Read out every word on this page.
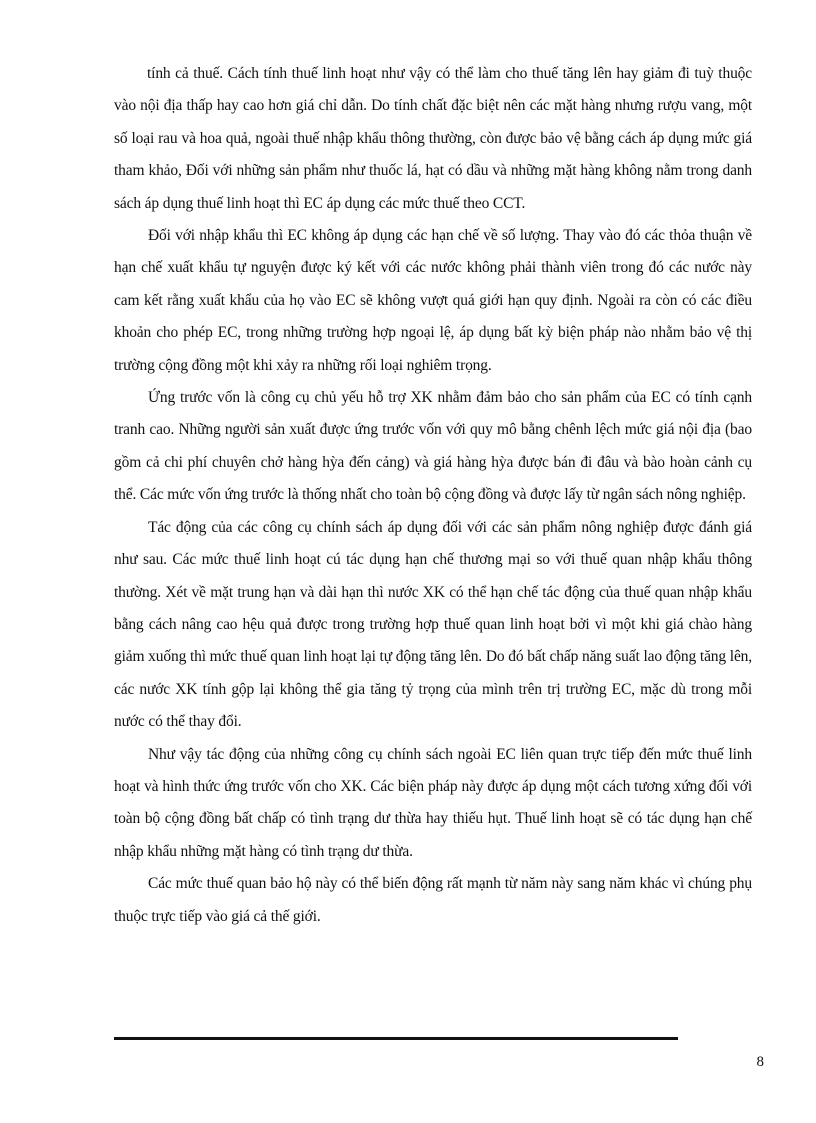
tính cả thuế. Cách tính thuế linh hoạt như vậy có thể làm cho thuế tăng lên hay giảm đi tuỳ thuộc vào nội địa thấp hay cao hơn giá chỉ dẫn. Do tính chất đặc biệt nên các mặt hàng nhưng rượu vang, một số loại rau và hoa quả, ngoài thuế nhập khẩu thông thường, còn được bảo vệ bằng cách áp dụng mức giá tham khảo, Đối với những sản phẩm như thuốc lá, hạt có dầu và những mặt hàng không nằm trong danh sách áp dụng thuế linh hoạt thì EC áp dụng các mức thuế theo CCT.

Đối với nhập khẩu thì EC không áp dụng các hạn chế về số lượng. Thay vào đó các thỏa thuận về hạn chế xuất khẩu tự nguyện được ký kết với các nước không phải thành viên trong đó các nước này cam kết rằng xuất khẩu của họ vào EC sẽ không vượt quá giới hạn quy định. Ngoài ra còn có các điều khoản cho phép EC, trong những trường hợp ngoại lệ, áp dụng bất kỳ biện pháp nào nhằm bảo vệ thị trường cộng đồng một khi xảy ra những rối loại nghiêm trọng.

Ứng trước vốn là công cụ chủ yếu hỗ trợ XK nhằm đảm bảo cho sản phẩm của EC có tính cạnh tranh cao. Những người sản xuất được ứng trước vốn với quy mô bằng chênh lệch mức giá nội địa (bao gồm cả chi phí chuyên chở hàng hỳa đến cảng) và giá hàng hỳa được bán đi đâu và bào hoàn cảnh cụ thể. Các mức vốn ứng trước là thống nhất cho toàn bộ cộng đồng và được lấy từ ngân sách nông nghiệp.

Tác động của các công cụ chính sách áp dụng đối với các sản phẩm nông nghiệp được đánh giá như sau. Các mức thuế linh hoạt cú tác dụng hạn chế thương mại so với thuế quan nhập khẩu thông thường. Xét về mặt trung hạn và dài hạn thì nước XK có thể hạn chế tác động của thuế quan nhập khẩu bằng cách nâng cao hệu quả được trong trường hợp thuế quan linh hoạt bởi vì một khi giá chào hàng giảm xuống thì mức thuế quan linh hoạt lại tự động tăng lên. Do đó bất chấp năng suất lao động tăng lên, các nước XK tính gộp lại không thể gia tăng tỷ trọng của mình trên trị trường EC, mặc dù trong mỗi nước có thể thay đổi.

Như vậy tác động của những công cụ chính sách ngoài EC liên quan trực tiếp đến mức thuế linh hoạt và hình thức ứng trước vốn cho XK. Các biện pháp này được áp dụng một cách tương xứng đối với toàn bộ cộng đồng bất chấp có tình trạng dư thừa hay thiếu hụt. Thuế linh hoạt sẽ có tác dụng hạn chế nhập khẩu những mặt hàng có tình trạng dư thừa.

Các mức thuế quan bảo hộ này có thể biến động rất mạnh từ năm này sang năm khác vì chúng phụ thuộc trực tiếp vào giá cả thế giới.

8
